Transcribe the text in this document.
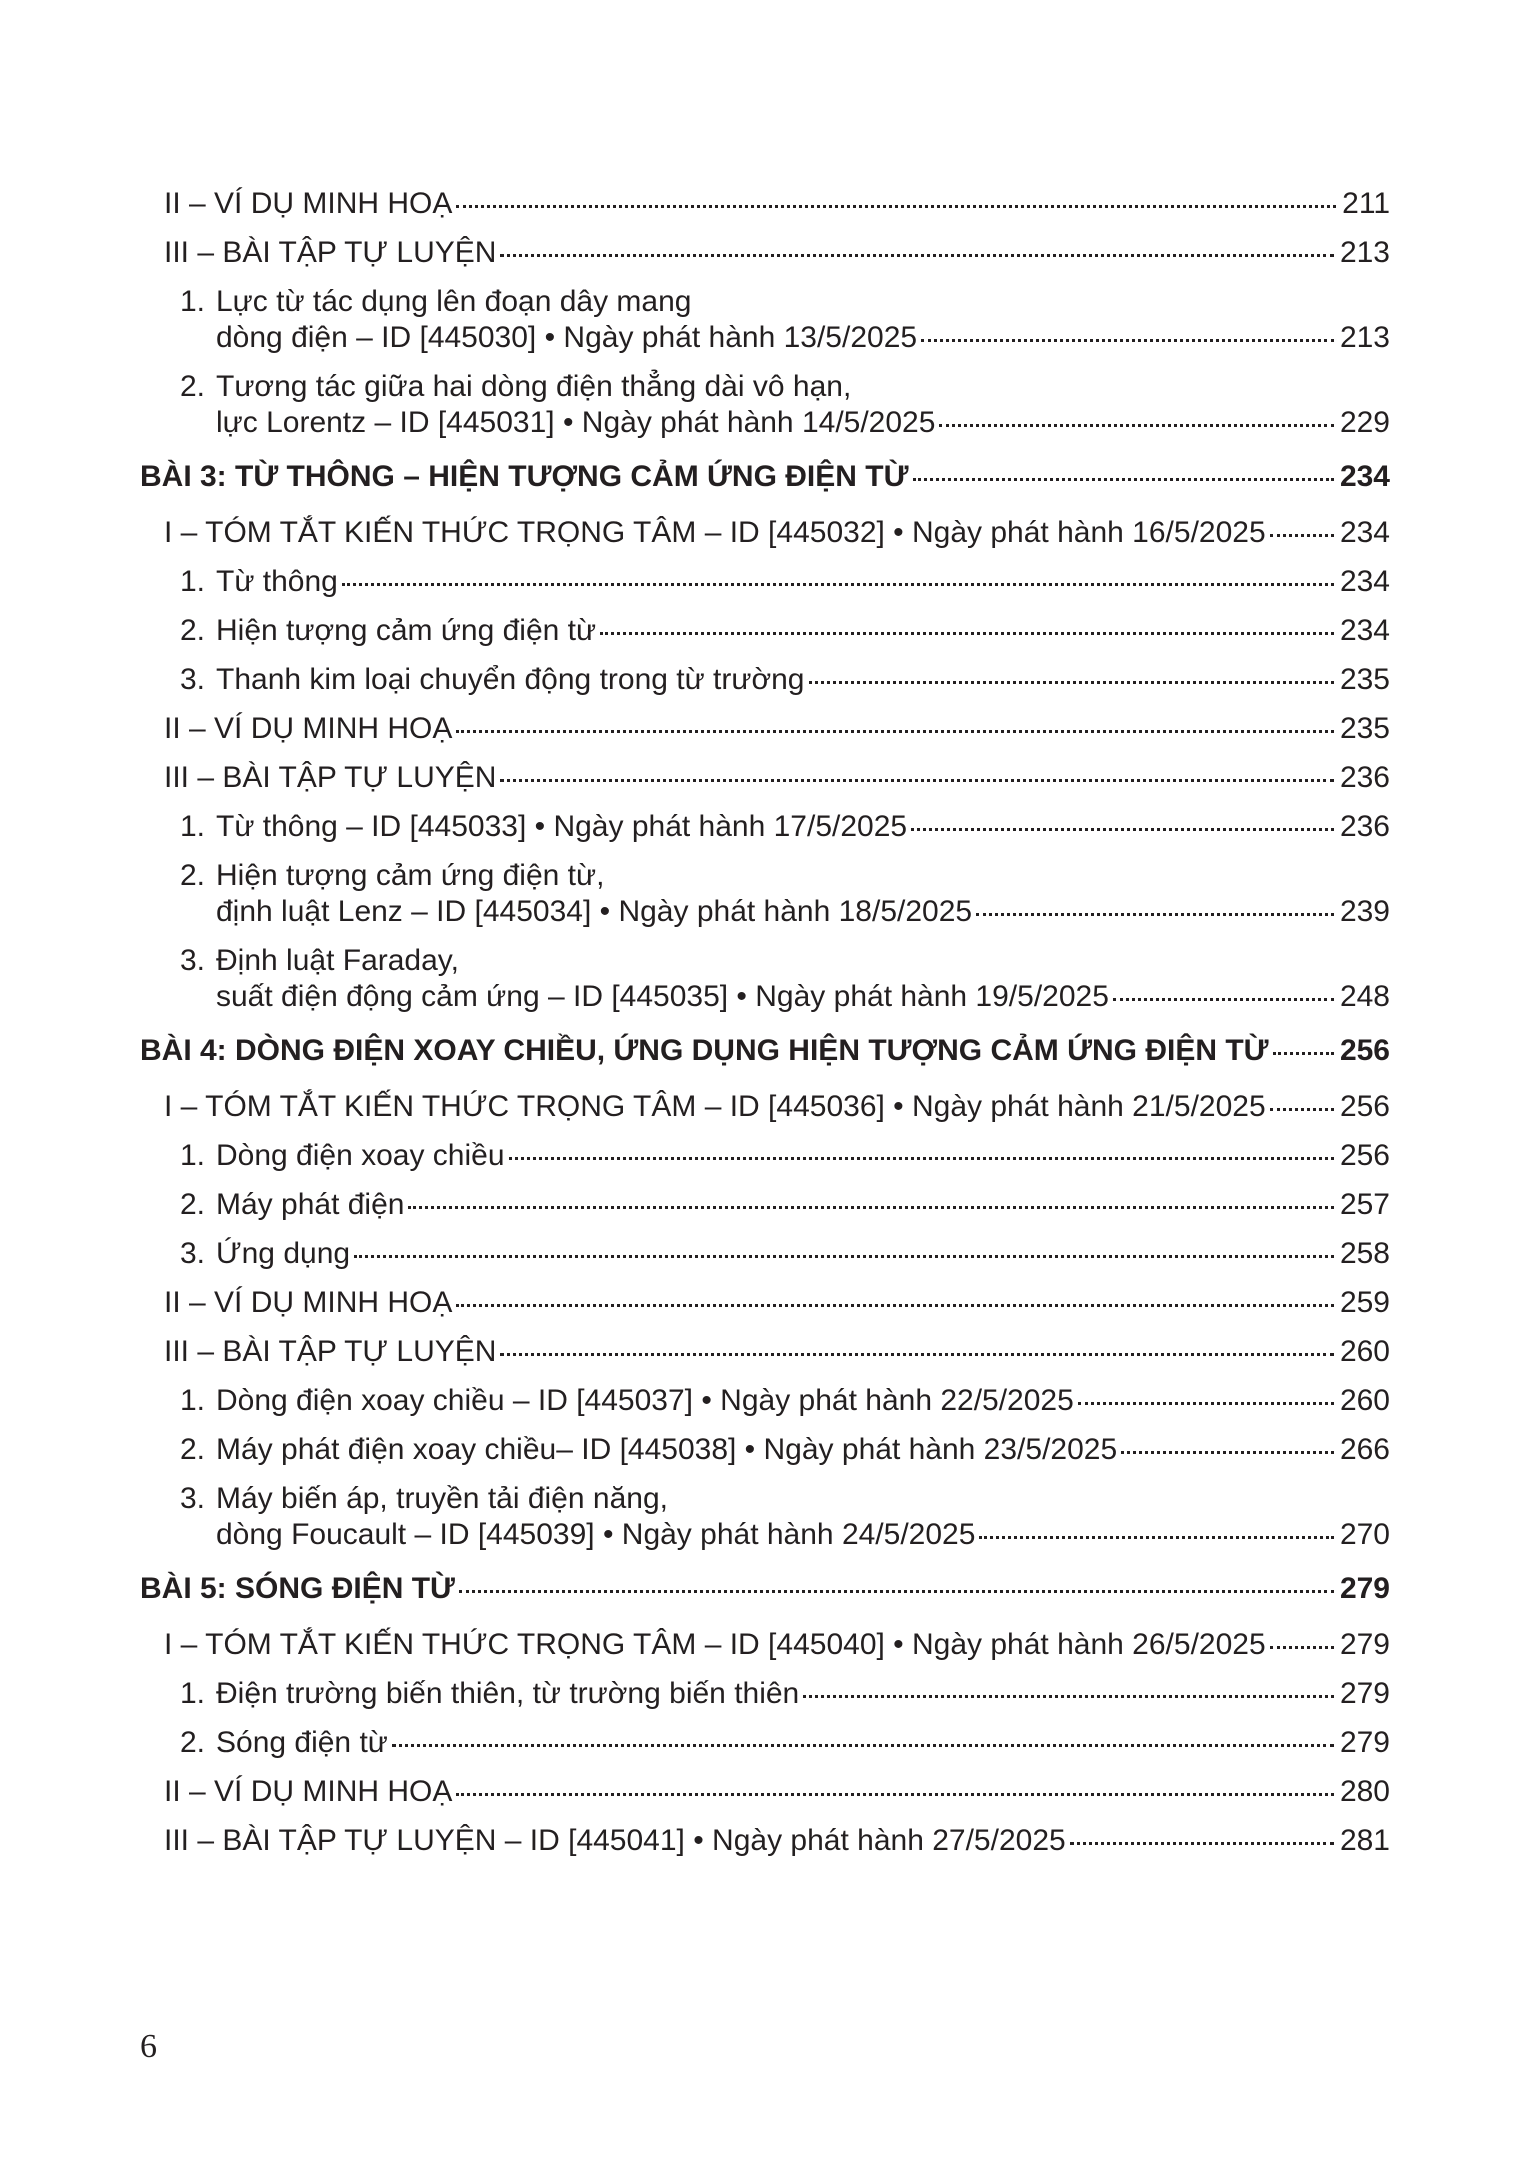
II – VÍ DỤ MINH HOẠ	211
III – BÀI TẬP TỰ LUYỆN	213
1. Lực từ tác dụng lên đoạn dây mang
dòng điện – ID [445030] • Ngày phát hành 13/5/2025	213
2. Tương tác giữa hai dòng điện thẳng dài vô hạn,
lực Lorentz – ID [445031] • Ngày phát hành 14/5/2025	229
BÀI 3: TỪ THÔNG – HIỆN TƯỢNG CẢM ỨNG ĐIỆN TỪ	234
I – TÓM TẮT KIẾN THỨC TRỌNG TÂM – ID [445032] • Ngày phát hành 16/5/2025 234
1. Từ thông	234
2. Hiện tượng cảm ứng điện từ	234
3. Thanh kim loại chuyển động trong từ trường	235
II – VÍ DỤ MINH HOẠ	235
III – BÀI TẬP TỰ LUYỆN	236
1. Từ thông – ID [445033] • Ngày phát hành 17/5/2025	236
2. Hiện tượng cảm ứng điện từ,
định luật Lenz – ID [445034] • Ngày phát hành 18/5/2025	239
3. Định luật Faraday,
suất điện động cảm ứng – ID [445035] • Ngày phát hành 19/5/2025	248
BÀI 4: DÒNG ĐIỆN XOAY CHIỀU, ỨNG DỤNG HIỆN TƯỢNG CẢM ỨNG ĐIỆN TỪ 256
I – TÓM TẮT KIẾN THỨC TRỌNG TÂM – ID [445036] • Ngày phát hành 21/5/2025 256
1. Dòng điện xoay chiều	256
2. Máy phát điện	257
3. Ứng dụng	258
II – VÍ DỤ MINH HOẠ	259
III – BÀI TẬP TỰ LUYỆN	260
1. Dòng điện xoay chiều – ID [445037] • Ngày phát hành 22/5/2025	260
2. Máy phát điện xoay chiều– ID [445038] • Ngày phát hành 23/5/2025	266
3. Máy biến áp, truyền tải điện năng,
dòng Foucault – ID [445039] • Ngày phát hành 24/5/2025	270
BÀI 5: SÓNG ĐIỆN TỪ	279
I – TÓM TẮT KIẾN THỨC TRỌNG TÂM – ID [445040] • Ngày phát hành 26/5/2025 279
1. Điện trường biến thiên, từ trường biến thiên	279
2. Sóng điện từ	279
II – VÍ DỤ MINH HOẠ	280
III – BÀI TẬP TỰ LUYỆN – ID [445041] • Ngày phát hành 27/5/2025	281
6
